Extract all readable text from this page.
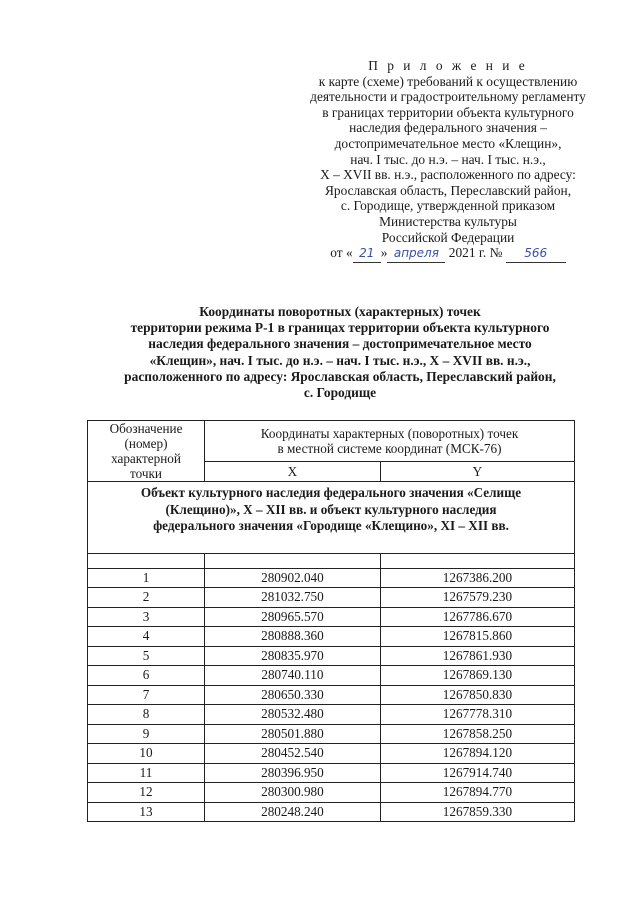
П р и л о ж е н и е
к карте (схеме) требований к осуществлению
деятельности и градостроительному регламенту
в границах территории объекта культурного
наследия федерального значения –
достопримечательное место «Клещин»,
нач. I тыс. до н.э. – нач. I тыс. н.э.,
X – XVII вв. н.э., расположенного по адресу:
Ярославская область, Переславский район,
с. Городище, утвержденной приказом
Министерства культуры
Российской Федерации
от « 21 » апреля 2021 г. № 566
Координаты поворотных (характерных) точек
территории режима Р-1 в границах территории объекта культурного
наследия федерального значения – достопримечательное место
«Клещин», нач. I тыс. до н.э. – нач. I тыс. н.э., X – XVII вв. н.э.,
расположенного по адресу: Ярославская область, Переславский район,
с. Городище
Обозначение
(номер)
характерной
точки	Координаты характерных (поворотных) точек
в местной системе координат (МСК-76)	

	X	Y

Объект культурного наследия федерального значения «Селище
(Клещино)», X – XII вв. и объект культурного наследия
федерального значения «Городище «Клещино», XI – XII вв.		

1	280902.040	1267386.200
2	281032.750	1267579.230
3	280965.570	1267786.670
4	280888.360	1267815.860
5	280835.970	1267861.930
6	280740.110	1267869.130
7	280650.330	1267850.830
8	280532.480	1267778.310
9	280501.880	1267858.250
10	280452.540	1267894.120
11	280396.950	1267914.740
12	280300.980	1267894.770
13	280248.240	1267859.330
